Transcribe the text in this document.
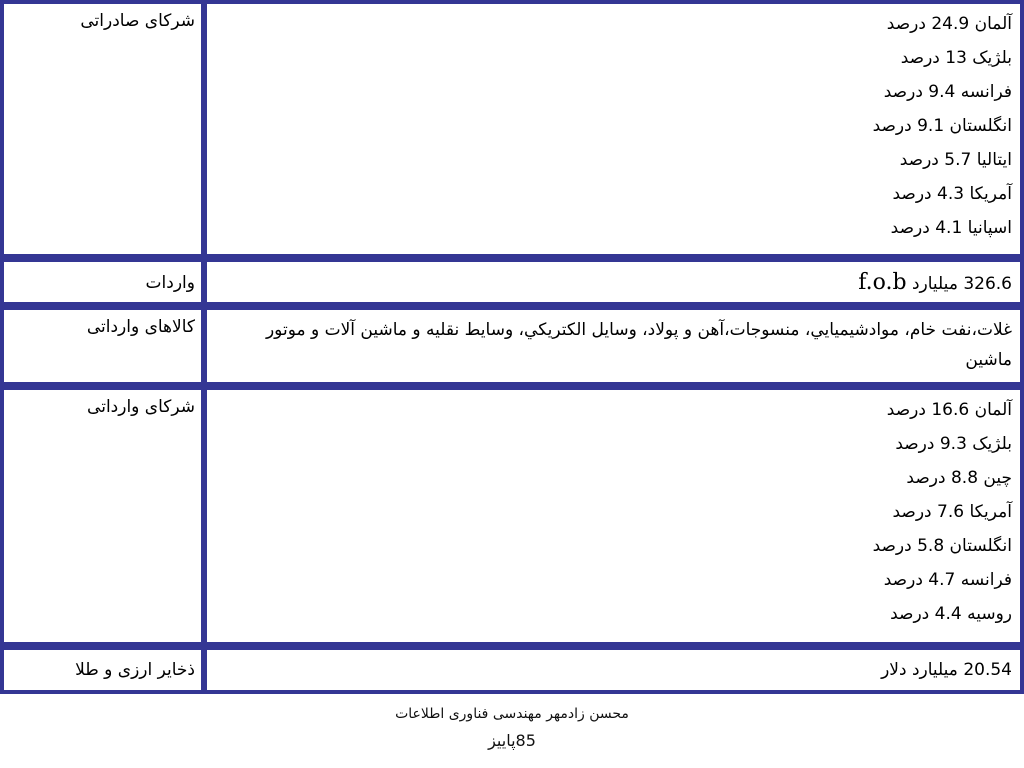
آلمان 24.9 درصد
بلژیک 13 درصد
فرانسه 9.4 درصد
انگلستان 9.1 درصد
ایتالیا 5.7 درصد
آمریکا 4.3 درصد
اسپانیا 4.1 درصد
شرکای صادراتی
326.6 میلیارد f.o.b
واردات
غلات،نفت خام، موادشيميايي، منسوجات،آهن و پولاد، وسايل الکتريکي، وسايط نقليه و ماشين آلات و موتور ماشين
کالاهای وارداتی
آلمان 16.6 درصد
بلژیک 9.3 درصد
چین 8.8 درصد
آمریکا 7.6 درصد
انگلستان 5.8 درصد
فرانسه 4.7 درصد
روسیه 4.4 درصد
شرکای وارداتی
20.54 میلیارد دلار
ذخایر ارزی و طلا
محسن زادمهر مهندسی فناوری اطلاعات
85پاییز
